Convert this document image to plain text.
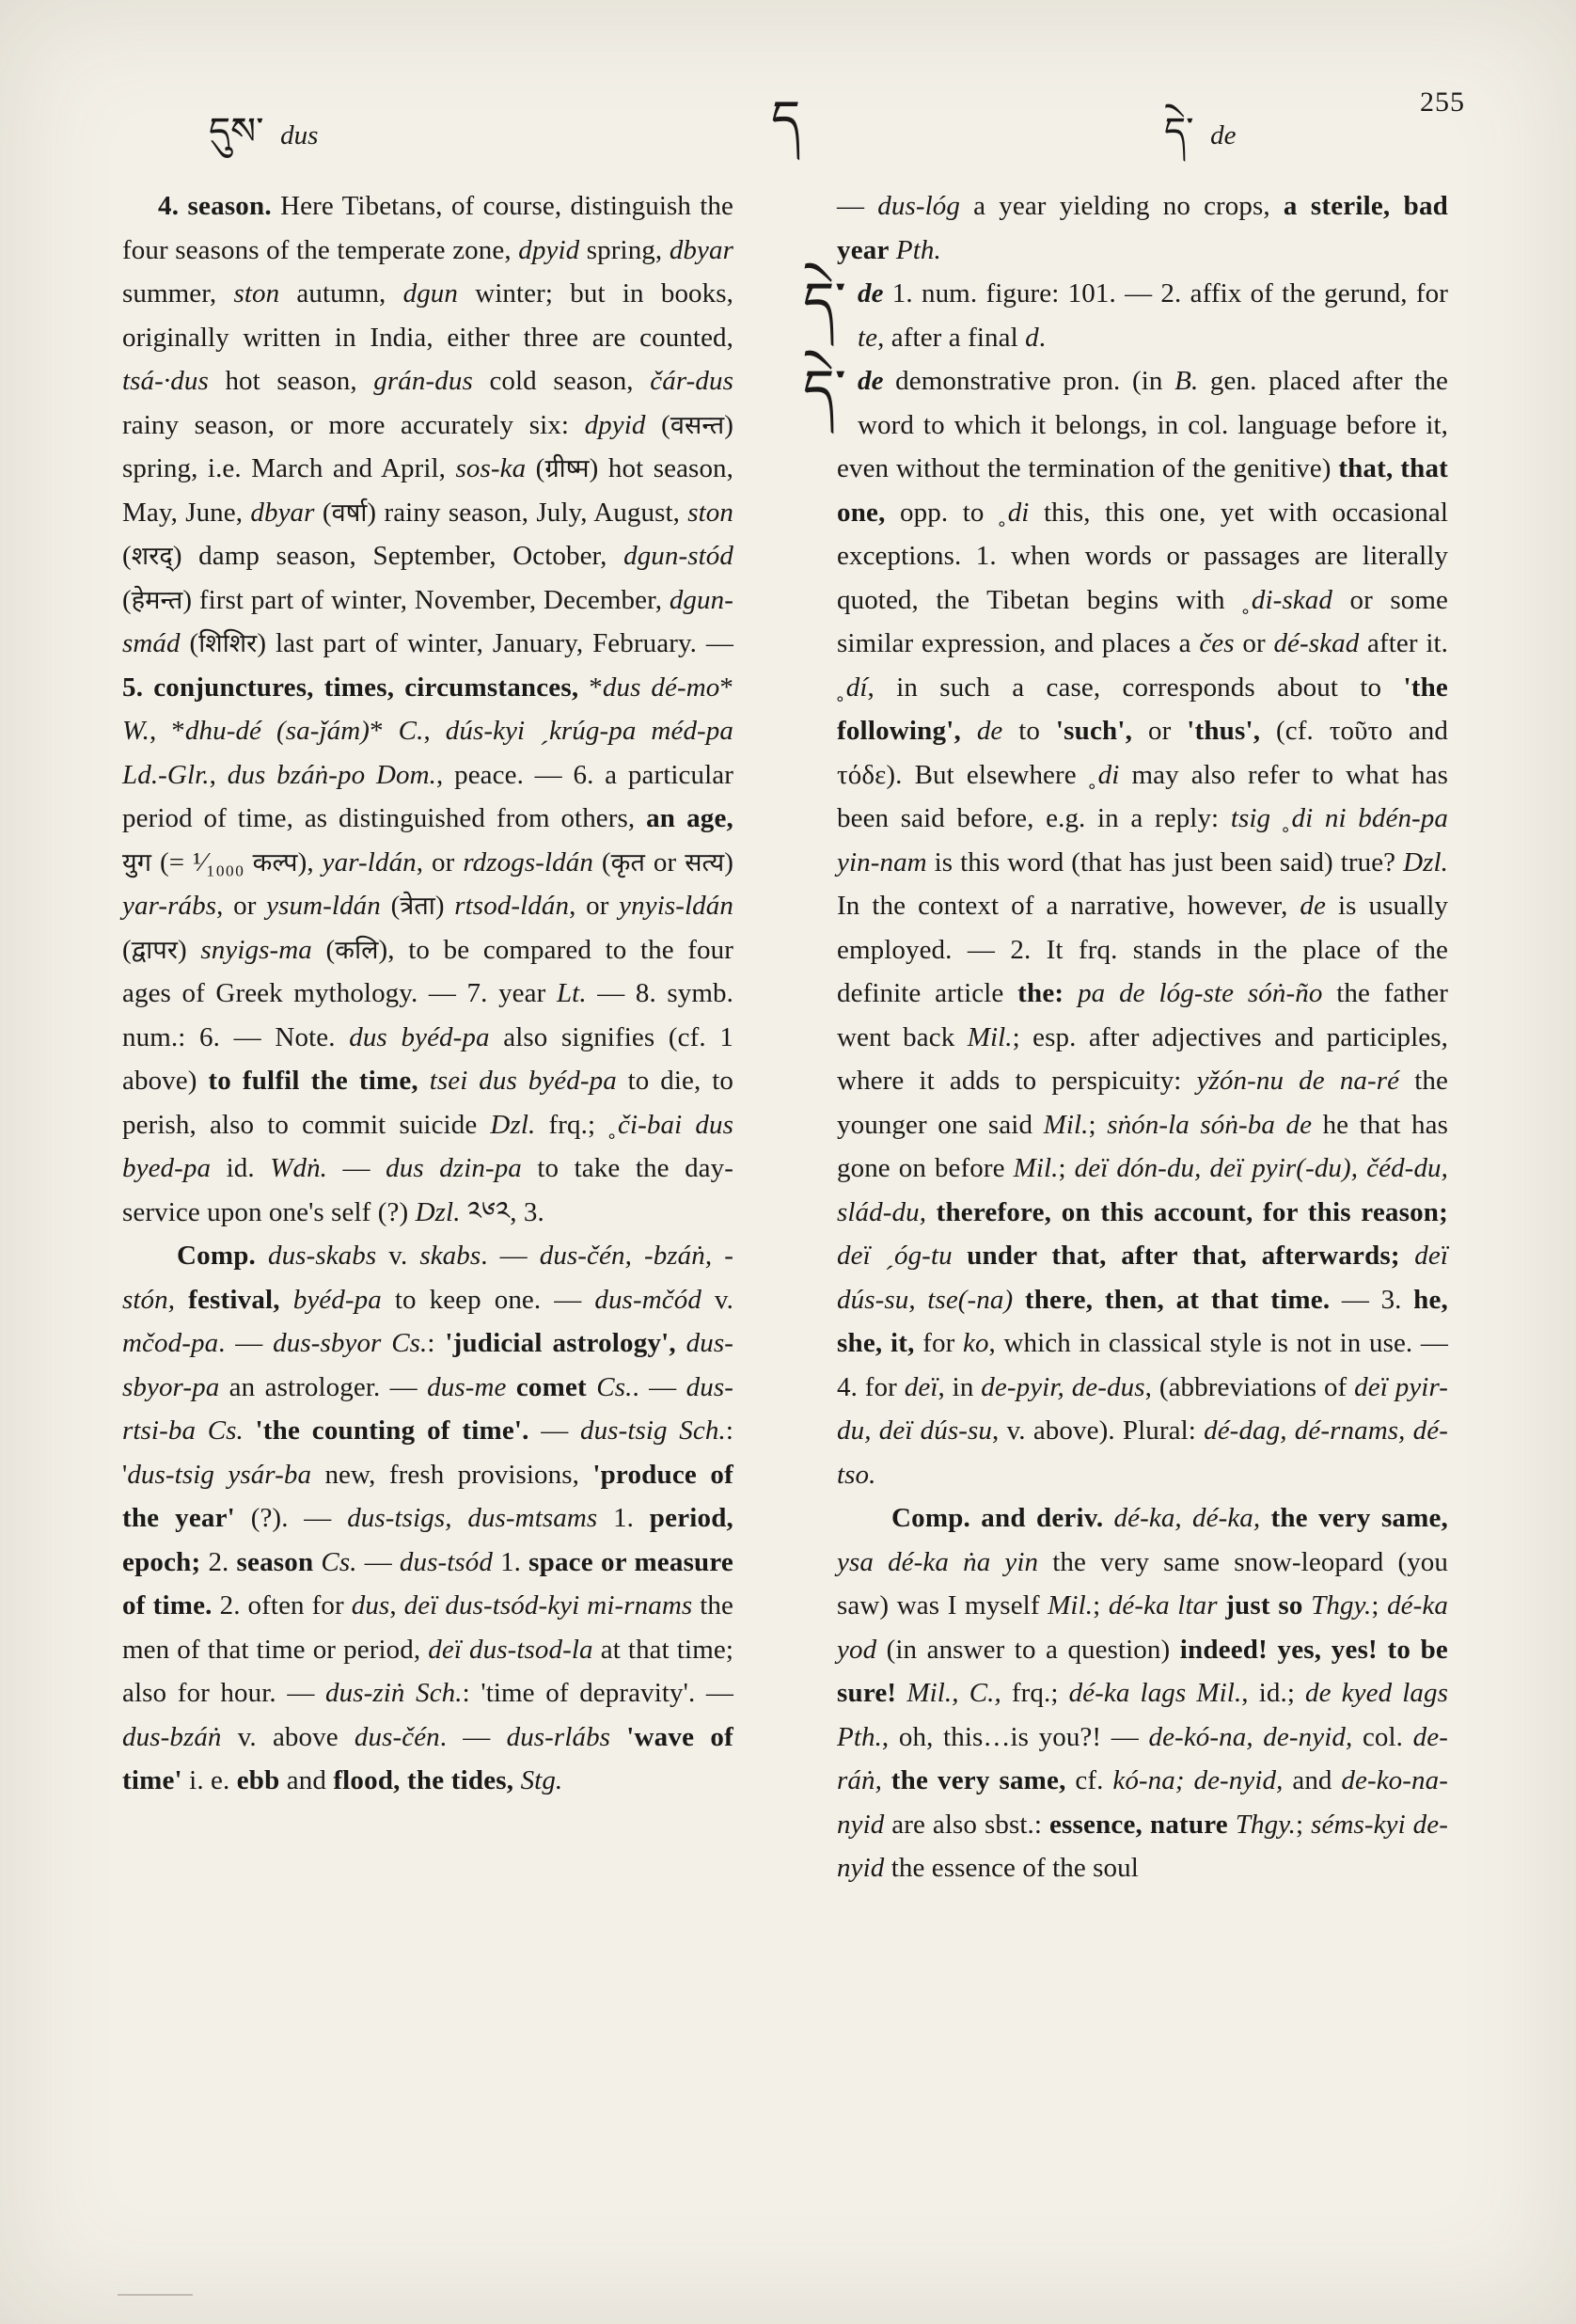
255
དུས་ dus	ད	དེ་ de

4. season. Here Tibetans, of course, distinguish the four seasons of the temperate zone, dpyid spring, dbyar summer, ston autumn, dgun winter; but in books, originally written in India, either three are counted, tsá-·dus hot season, grán-dus cold season, čár-dus rainy season, or more accurately six: dpyid (वसन्त) spring, i.e. March and April, sos-ka (ग्रीष्म) hot season, May, June, dbyar (वर्षा) rainy season, July, August, ston (शरद्) damp season, September, October, dgun-stód (हेमन्त) first part of winter, November, December, dgun-smád (शिशिर) last part of winter, January, February. — 5. conjunctures, times, circumstances, *dus dé-mo* W., *dhu-dé (sa-ǰám)* C., dús-kyi ˏkrúg-pa méd-pa Ld.-Glr., dus bzáṅ-po Dom., peace. — 6. a particular period of time, as distinguished from others, an age, युग (= ¹⁄₁₀₀₀ कल्प), yar-ldán, or rdzogs-ldán (कृत or सत्य) yar-rábs, or ysum-ldán (त्रेता) rtsod-ldán, or ynyis-ldán (द्वापर) snyigs-ma (कलि), to be compared to the four ages of Greek mythology. — 7. year Lt. — 8. symb. num.: 6. — Note. dus byéd-pa also signifies (cf. 1 above) to fulfil the time, tsei dus byéd-pa to die, to perish, also to commit suicide Dzl. frq.; ˳či-bai dus byed-pa id. Wdṅ. — dus dzin-pa to take the day-service upon one's self (?) Dzl. ༢༦༢, 3.

Comp. dus-skabs v. skabs. — dus-čén, -bzáṅ, -stón, festival, byéd-pa to keep one. — dus-mčód v. mčod-pa. — dus-sbyor Cs.: 'judicial astrology', dus-sbyor-pa an astrologer. — dus-me comet Cs.. — dus-rtsi-ba Cs. 'the counting of time'. — dus-tsig Sch.: 'dus-tsig ysár-ba new, fresh provisions, 'produce of the year' (?). — dus-tsigs, dus-mtsams 1. period, epoch; 2. season Cs. — dus-tsód 1. space or measure of time. 2. often for dus, deï dus-tsód-kyi mi-rnams the men of that time or period, deï dus-tsod-la at that time; also for hour. — dus-ziṅ Sch.: 'time of depravity'. — dus-bzáṅ v. above dus-čén. — dus-rlábs 'wave of time' i. e. ebb and flood, the tides, Stg.

— dus-lóg a year yielding no crops, a sterile, bad year Pth.

དེ་ de 1. num. figure: 101. — 2. affix of the gerund, for te, after a final d.

དེ་ de demonstrative pron. (in B. gen. placed after the word to which it belongs, in col. language before it, even without the termination of the genitive) that, that one, opp. to ˳di this, this one, yet with occasional exceptions. 1. when words or passages are literally quoted, the Tibetan begins with ˳di-skad or some similar expression, and places a čes or dé-skad after it. ˳dí, in such a case, corresponds about to 'the following', de to 'such', or 'thus', (cf. τοῦτο and τόδε). But elsewhere ˳di may also refer to what has been said before, e.g. in a reply: tsig ˳di ni bdén-pa yin-nam is this word (that has just been said) true? Dzl. In the context of a narrative, however, de is usually employed. — 2. It frq. stands in the place of the definite article the: pa de lóg-ste sóṅ-ño the father went back Mil.; esp. after adjectives and participles, where it adds to perspicuity: yžón-nu de na-ré the younger one said Mil.; sṅón-la sóṅ-ba de he that has gone on before Mil.; deï dón-du, deï pyir(-du), čéd-du, slád-du, therefore, on this account, for this reason; deï ˏóg-tu under that, after that, afterwards; deï dús-su, tse(-na) there, then, at that time. — 3. he, she, it, for ko, which in classical style is not in use. — 4. for deï, in de-pyir, de-dus, (abbreviations of deï pyir-du, deï dús-su, v. above). Plural: dé-dag, dé-rnams, dé-tso.

Comp. and deriv. dé-ka, dé-ka, the very same, ysa dé-ka ṅa yin the very same snow-leopard (you saw) was I myself Mil.; dé-ka ltar just so Thgy.; dé-ka yod (in answer to a question) indeed! yes, yes! to be sure! Mil., C., frq.; dé-ka lags Mil., id.; de kyed lags Pth., oh, this…is you?! — de-kó-na, de-nyid, col. de-ráṅ, the very same, cf. kó-na; de-nyid, and de-ko-na-nyid are also sbst.: essence, nature Thgy.; séms-kyi de-nyid the essence of the soul
